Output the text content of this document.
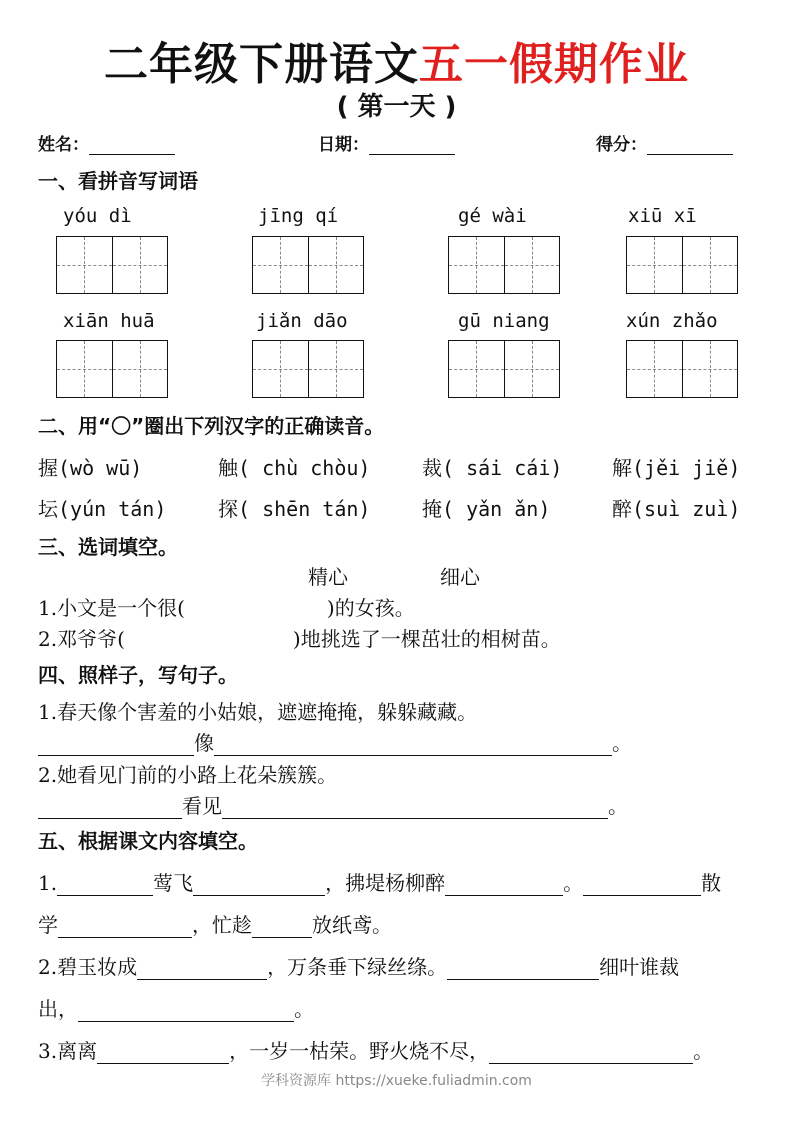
二年级下册语文五一假期作业
( 第一天 )
姓名：	日期：	得分：
一、看拼音写词语
yóu dì	jīng qí	gé wài	xiū xī
xiān huā	jiǎn dāo	gū niang	xún zhǎo
二、用“〇”圈出下列汉字的正确读音。
握(wò wū)	触( chù chòu)	裁( sái cái) 解(jěi jiě)
坛(yún tán)	探( shēn tán)	掩( yǎn ǎn)	醉(suì zuì)
三、选词填空。
精心	细心
1.小文是一个很(	)的女孩。
2.邓爷爷(	)地挑选了一棵茁壮的相树苗。
四、照样子，写句子。
1.春天像个害羞的小姑娘，遮遮掩掩，躲躲藏藏。
像	。
2.她看见门前的小路上花朵簇簇。
看见	。
五、根据课文内容填空。
1.	莺飞	，拂堤杨柳醉	。	散
学	，忙趁	放纸鸢。
2.碧玉妆成	，万条垂下绿丝绦。	细叶谁裁
出，	。
3.离离	，一岁一枯荣。野火烧不尽，	。
学科资源库 https://xueke.fuliadmin.com
